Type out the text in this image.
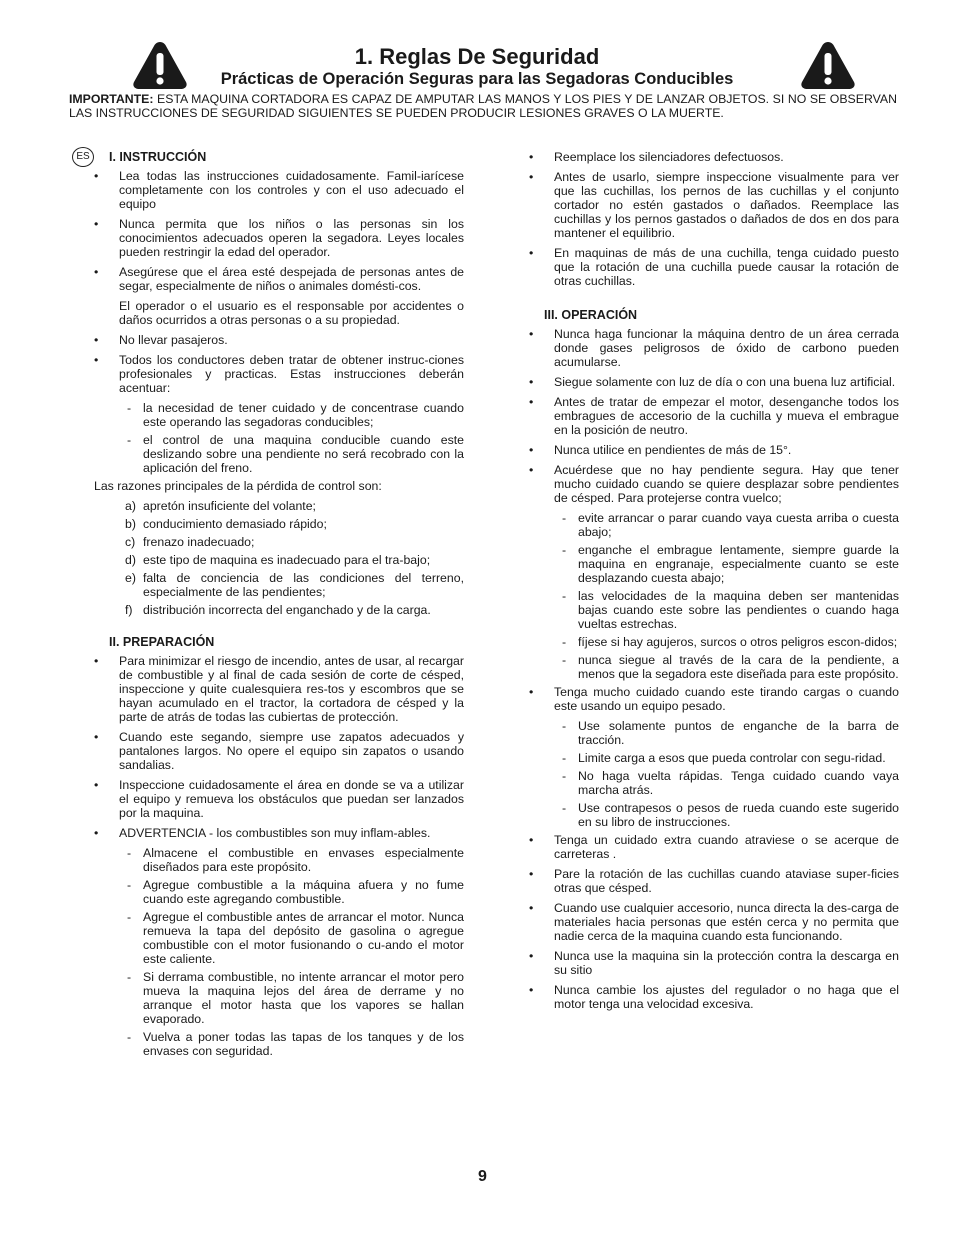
1. Reglas De Seguridad
Prácticas de Operación Seguras para las Segadoras Conducibles
IMPORTANTE: ESTA MAQUINA CORTADORA ES CAPAZ DE AMPUTAR LAS MANOS Y LOS PIES Y DE LANZAR OBJETOS. SI NO SE OBSERVAN LAS INSTRUCCIONES DE SEGURIDAD SIGUIENTES SE PUEDEN PRODUCIR LESIONES GRAVES O LA MUERTE.
ES	I. INSTRUCCIÓN
• Lea todas las instrucciones cuidadosamente. Famil-iarícese completamente con los controles y con el uso adecuado el equipo
• Nunca permita que los niños o las personas sin los conocimientos adecuados operen la segadora. Leyes locales pueden restringir la edad del operador.
• Asegúrese que el área esté despejada de personas antes de segar, especialmente de niños o animales domésti-cos.
El operador o el usuario es el responsable por accidentes o daños ocurridos a otras personas o a su propiedad.
• No llevar pasajeros.
• Todos los conductores deben tratar de obtener instruc-ciones profesionales y practicas. Estas instrucciones deberán acentuar:
- la necesidad de tener cuidado y de concentrase cuando este operando las segadoras conducibles;
- el control de una maquina conducible cuando este deslizando sobre una pendiente no será recobrado con la aplicación del freno.
Las razones principales de la pérdida de control son:
a) apretón insuficiente del volante;
b) conducimiento demasiado rápido;
c) frenazo inadecuado;
d) este tipo de maquina es inadecuado para el tra-bajo;
e) falta de conciencia de las condiciones del terreno, especialmente de las pendientes;
f) distribución incorrecta del enganchado y de la carga.
II. PREPARACIÓN
• Para minimizar el riesgo de incendio, antes de usar, al recargar de combustible y al final de cada sesión de corte de césped, inspeccione y quite cualesquiera res-tos y escombros que se hayan acumulado en el tractor, la cortadora de césped y la parte de atrás de todas las cubiertas de protección.
• Cuando este segando, siempre use zapatos adecuados y pantalones largos. No opere el equipo sin zapatos o usando sandalias.
• Inspeccione cuidadosamente el área en donde se va a utilizar el equipo y remueva los obstáculos que puedan ser lanzados por la maquina.
• ADVERTENCIA - los combustibles son muy inflam-ables.
- Almacene el combustible en envases especialmente diseñados para este propósito.
- Agregue combustible a la máquina afuera y no fume cuando este agregando combustible.
- Agregue el combustible antes de arrancar el motor. Nunca remueva la tapa del depósito de gasolina o agregue combustible con el motor fusionando o cu-ando el motor este caliente.
- Si derrama combustible, no intente arrancar el motor pero mueva la maquina lejos del área de derrame y no arranque el motor hasta que los vapores se hallan evaporado.
- Vuelva a poner todas las tapas de los tanques y de los envases con seguridad.
• Reemplace los silenciadores defectuosos.
• Antes de usarlo, siempre inspeccione visualmente para ver que las cuchillas, los pernos de las cuchillas y el conjunto cortador no estén gastados o dañados. Reemplace las cuchillas y los pernos gastados o dañados de dos en dos para mantener el equilibrio.
• En maquinas de más de una cuchilla, tenga cuidado puesto que la rotación de una cuchilla puede causar la rotación de otras cuchillas.
III. OPERACIÓN
• Nunca haga funcionar la máquina dentro de un área cerrada donde gases peligrosos de óxido de carbono pueden acumularse.
• Siegue solamente con luz de día o con una buena luz artificial.
• Antes de tratar de empezar el motor, desenganche todos los embragues de accesorio de la cuchilla y mueva el embrague en la posición de neutro.
• Nunca utilice en pendientes de más de 15°.
• Acuérdese que no hay pendiente segura. Hay que tener mucho cuidado cuando se quiere desplazar sobre pendientes de césped. Para protejerse contra vuelco;
- evite arrancar o parar cuando vaya cuesta arriba o cuesta abajo;
- enganche el embrague lentamente, siempre guarde la maquina en engranaje, especialmente cuanto se este desplazando cuesta abajo;
- las velocidades de la maquina deben ser mantenidas bajas cuando este sobre las pendientes o cuando haga vueltas estrechas.
- fíjese si hay agujeros, surcos o otros peligros escon-didos;
- nunca siegue al través de la cara de la pendiente, a menos que la segadora este diseñada para este propósito.
• Tenga mucho cuidado cuando este tirando cargas o cuando este usando un equipo pesado.
- Use solamente puntos de enganche de la barra de tracción.
- Limite carga a esos que pueda controlar con segu-ridad.
- No haga vuelta rápidas. Tenga cuidado cuando vaya marcha atrás.
- Use contrapesos o pesos de rueda cuando este sugerido en su libro de instrucciones.
• Tenga un cuidado extra cuando atraviese o se acerque de carreteras .
• Pare la rotación de las cuchillas cuando ataviase super-ficies otras que césped.
• Cuando use cualquier accesorio, nunca directa la des-carga de materiales hacia personas que estén cerca y no permita que nadie cerca de la maquina cuando esta funcionando.
• Nunca use la maquina sin la protección contra la descarga en su sitio
• Nunca cambie los ajustes del regulador o no haga que el motor tenga una velocidad excesiva.
9
